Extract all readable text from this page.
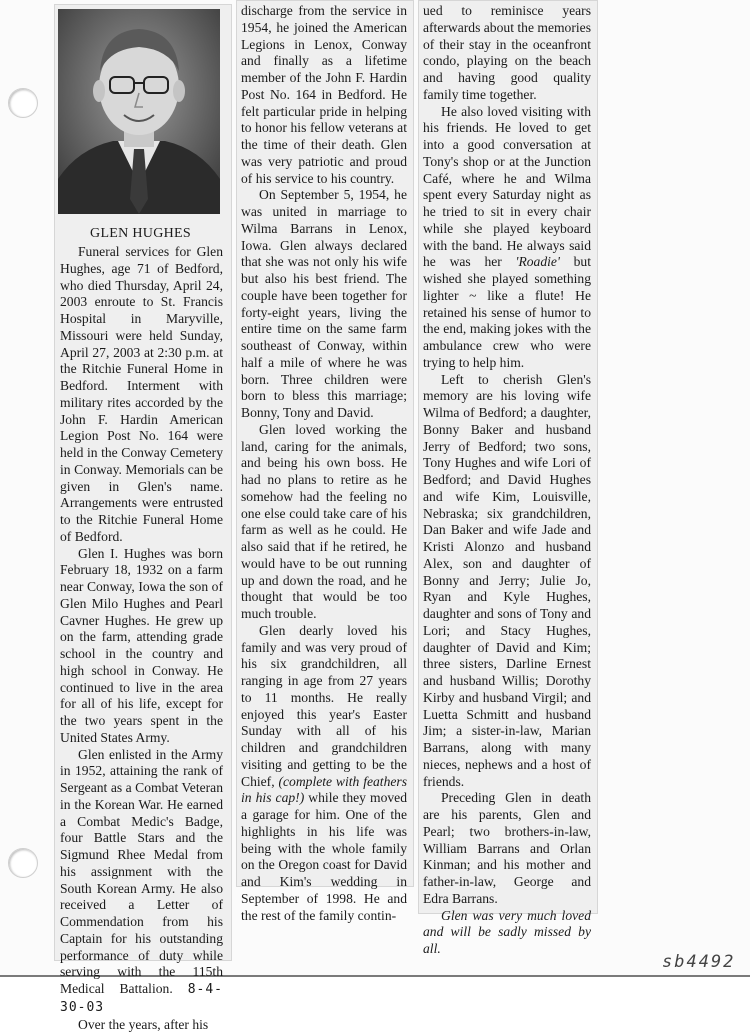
GLEN HUGHES

Funeral services for Glen Hughes, age 71 of Bedford, who died Thursday, April 24, 2003 enroute to St. Francis Hospital in Maryville, Missouri were held Sunday, April 27, 2003 at 2:30 p.m. at the Ritchie Funeral Home in Bedford. Interment with military rites accorded by the John F. Hardin American Legion Post No. 164 were held in the Conway Cemetery in Conway. Memorials can be given in Glen's name. Arrangements were entrusted to the Ritchie Funeral Home of Bedford.

Glen I. Hughes was born February 18, 1932 on a farm near Conway, Iowa the son of Glen Milo Hughes and Pearl Cavner Hughes. He grew up on the farm, attending grade school in the country and high school in Conway. He continued to live in the area for all of his life, except for the two years spent in the United States Army.

Glen enlisted in the Army in 1952, attaining the rank of Sergeant as a Combat Veteran in the Korean War. He earned a Combat Medic's Badge, four Battle Stars and the Sigmund Rhee Medal from his assignment with the South Korean Army. He also received a Letter of Commendation from his Captain for his outstanding performance of duty while serving with the 115th Medical Battalion. 8-4-30-03

Over the years, after his

discharge from the service in 1954, he joined the American Legions in Lenox, Conway and finally as a lifetime member of the John F. Hardin Post No. 164 in Bedford. He felt particular pride in helping to honor his fellow veterans at the time of their death. Glen was very patriotic and proud of his service to his country.

On September 5, 1954, he was united in marriage to Wilma Barrans in Lenox, Iowa. Glen always declared that she was not only his wife but also his best friend. The couple have been together for forty-eight years, living the entire time on the same farm southeast of Conway, within half a mile of where he was born. Three children were born to bless this marriage; Bonny, Tony and David.

Glen loved working the land, caring for the animals, and being his own boss. He had no plans to retire as he somehow had the feeling no one else could take care of his farm as well as he could. He also said that if he retired, he would have to be out running up and down the road, and he thought that would be too much trouble.

Glen dearly loved his family and was very proud of his six grandchildren, all ranging in age from 27 years to 11 months. He really enjoyed this year's Easter Sunday with all of his children and grandchildren visiting and getting to be the Chief, (complete with feathers in his cap!) while they moved a garage for him. One of the highlights in his life was being with the whole family on the Oregon coast for David and Kim's wedding in September of 1998. He and the rest of the family contin-

ued to reminisce years afterwards about the memories of their stay in the oceanfront condo, playing on the beach and having good quality family time together.

He also loved visiting with his friends. He loved to get into a good conversation at Tony's shop or at the Junction Café, where he and Wilma spent every Saturday night as he tried to sit in every chair while she played keyboard with the band. He always said he was her 'Roadie' but wished she played something lighter ~ like a flute! He retained his sense of humor to the end, making jokes with the ambulance crew who were trying to help him.

Left to cherish Glen's memory are his loving wife Wilma of Bedford; a daughter, Bonny Baker and husband Jerry of Bedford; two sons, Tony Hughes and wife Lori of Bedford; and David Hughes and wife Kim, Louisville, Nebraska; six grandchildren, Dan Baker and wife Jade and Kristi Alonzo and husband Alex, son and daughter of Bonny and Jerry; Julie Jo, Ryan and Kyle Hughes, daughter and sons of Tony and Lori; and Stacy Hughes, daughter of David and Kim; three sisters, Darline Ernest and husband Willis; Dorothy Kirby and husband Virgil; and Luetta Schmitt and husband Jim; a sister-in-law, Marian Barrans, along with many nieces, nephews and a host of friends.

Preceding Glen in death are his parents, Glen and Pearl; two brothers-in-law, William Barrans and Orlan Kinman; and his mother and father-in-law, George and Edra Barrans.

Glen was very much loved and will be sadly missed by all.

sb4492
